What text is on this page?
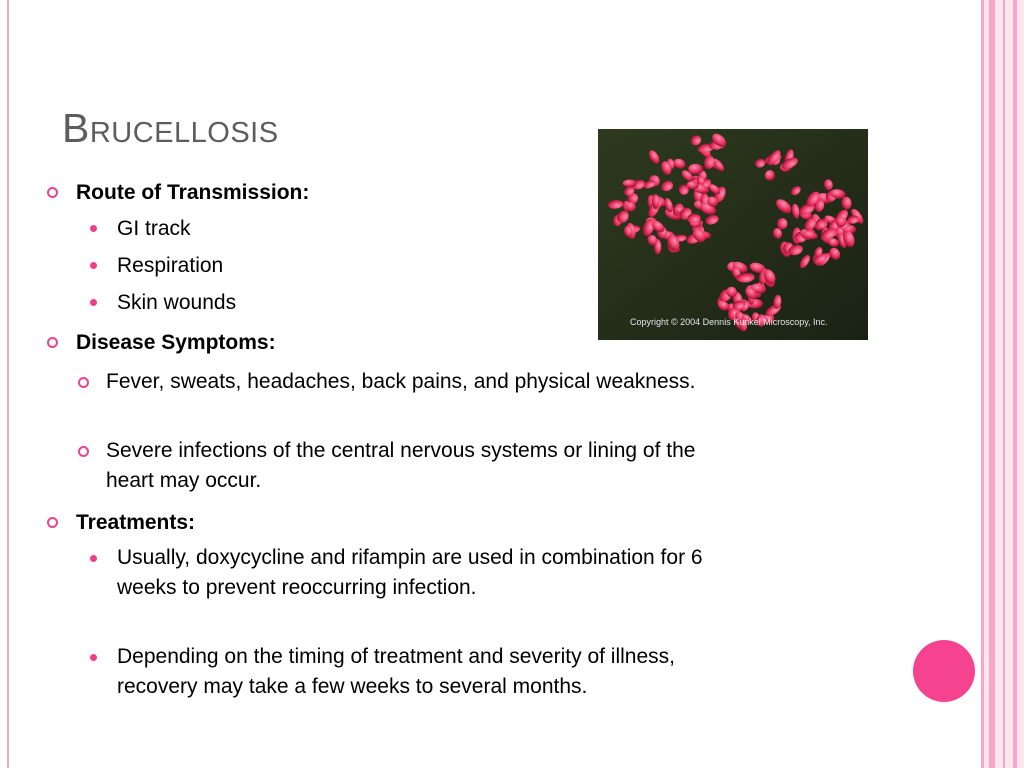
Brucellosis
Copyright © 2004 Dennis Kunkel Microscopy, Inc.
Route of Transmission:
GI track
Respiration
Skin wounds
Disease Symptoms:
Fever, sweats, headaches, back pains, and physical weakness.
Severe infections of the central nervous systems or lining of the heart may occur.
Treatments:
Usually, doxycycline and rifampin are used in combination for 6 weeks to prevent reoccurring infection.
Depending on the timing of treatment and severity of illness, recovery may take a few weeks to several months.
